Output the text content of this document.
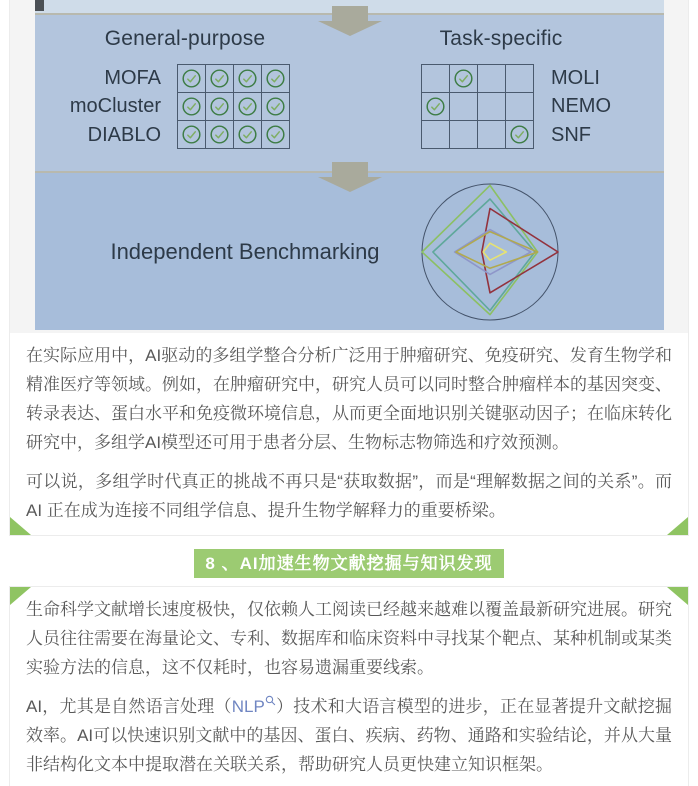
General-purpose	Task-specific
MOFA
moCluster
DIABLO
MOLI
NEMO
SNF
Independent Benchmarking

在实际应用中，AI驱动的多组学整合分析广泛用于肿瘤研究、免疫研究、发育生物学和精准医疗等领域。例如，在肿瘤研究中，研究人员可以同时整合肿瘤样本的基因突变、转录表达、蛋白水平和免疫微环境信息，从而更全面地识别关键驱动因子；在临床转化研究中，多组学AI模型还可用于患者分层、生物标志物筛选和疗效预测。

可以说，多组学时代真正的挑战不再只是“获取数据”，而是“理解数据之间的关系”。而 AI 正在成为连接不同组学信息、提升生物学解释力的重要桥梁。

8 、AI加速生物文献挖掘与知识发现

生命科学文献增长速度极快，仅依赖人工阅读已经越来越难以覆盖最新研究进展。研究人员往往需要在海量论文、专利、数据库和临床资料中寻找某个靶点、某种机制或某类实验方法的信息，这不仅耗时，也容易遗漏重要线索。

AI，尤其是自然语言处理（NLP ）技术和大语言模型的进步，正在显著提升文献挖掘效率。AI可以快速识别文献中的基因、蛋白、疾病、药物、通路和实验结论，并从大量非结构化文本中提取潜在关联关系，帮助研究人员更快建立知识框架。
